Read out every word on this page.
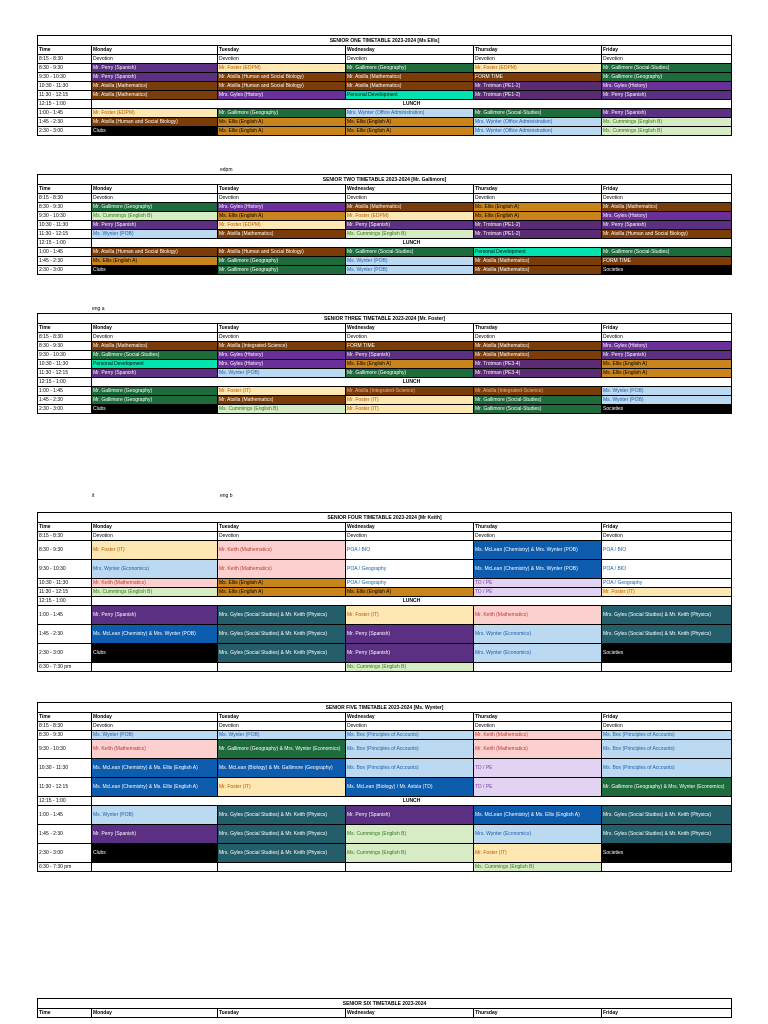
edpm
eng a
it	eng b
SENIOR ONE TIMETABLE 2023-2024 [Ms Ellis]					
Time	Monday	Tuesday	Wednesday	Thursday	Friday
8:15 - 8:30	Devotion	Devotion	Devotion	Devotion	Devotion
8:30 - 9:30	Mr. Perry (Spanish)	Mr. Foster (EDPM)	Mr. Gallimore (Geography)	Mr. Foster (EDPM)	Mr. Gallimore (Social-Studies)
9:30 - 10:30	Mr. Perry (Spanish)	Mr. Atsilla (Human and Social Biology)	Mr. Atsilla (Mathematics)	FORM TIME	Mr. Gallimore (Geography)
10:30 - 11:30	Mr. Atsilla (Mathematics)	Mr. Atsilla (Human and Social Biology)	Mr. Atsilla (Mathematics)	Mr. Trotman (PE1-2)	Mrs. Gyles (History)
11:30 - 12:15	Mr. Atsilla (Mathematics)	Mrs. Gyles (History)	Personal Development	Mr. Trotman (PE1-2)	Mr. Perry (Spanish)
12:15 - 1:00	LUNCH				
1:00 - 1:45	Mr. Foster (EDPM)	Mr. Gallimore (Geography)	Mrs. Wynter (Office Administration)	Mr. Gallimore (Social-Studies)	Mr. Perry (Spanish)
1:45 - 2:30	Mr. Atsilla (Human and Social Biology)	Ms. Ellis (English A)	Ms. Ellis (English A)	Mrs. Wynter (Office Administration)	Ms. Cummings (English B)
2:30 - 3:00	Clubs	Ms. Ellis (English A)	Ms. Ellis (English A)	Mrs. Wynter (Office Administration)	Ms. Cummings (English B)
SENIOR TWO TIMETABLE 2023-2024 [Mr. Gallimore]					
Time	Monday	Tuesday	Wednesday	Thursday	Friday
8:15 - 8:30	Devotion	Devotion	Devotion	Devotion	Devotion
8:30 - 9:30	Mr. Gallimore (Geography)	Mrs. Gyles (History)	Mr. Atsilla (Mathematics)	Ms. Ellis (English A)	Mr. Atsilla (Mathematics)
9:30 - 10:30	Ms. Cummings (English B)	Ms. Ellis (English A)	Mr. Foster (EDPM)	Ms. Ellis (English A)	Mrs. Gyles (History)
10:30 - 11:30	Mr. Perry (Spanish)	Mr. Foster (EDPM)	Mr. Perry (Spanish)	Mr. Trotman (PE1-2)	Mr. Perry (Spanish)
11:30 - 12:15	Ms. Wynter (POB)	Mr. Atsilla (Mathematics)	Ms. Cummings (English B)	Mr. Trotman (PE1-2)	Mr. Atsilla (Human and Social Biology)
12:15 - 1:00	LUNCH				
1:00 - 1:45	Mr. Atsilla (Human and Social Biology)	Mr. Atsilla (Human and Social Biology)	Mr. Gallimore (Social-Studies)	Personal Development	Mr. Gallimore (Social-Studies)
1:45 - 2:30	Ms. Ellis (English A)	Mr. Gallimore (Geography)	Ms. Wynter (POB)	Mr. Atsilla (Mathematics)	FORM TIME
2:30 - 3:00	Clubs	Mr. Gallimore (Geography)	Ms. Wynter (POB)	Mr. Atsilla (Mathematics)	Societies
SENIOR THREE TIMETABLE 2023-2024 [Mr. Foster]					
Time	Monday	Tuesday	Wednesday	Thursday	Friday
8:15 - 8:30	Devotion	Devotion	Devotion	Devotion	Devotion
8:30 - 9:30	Mr. Atsilla (Mathematics)	Mr. Atsilla (Integrated-Science)	FORM TIME	Mr. Atsilla (Mathematics)	Mrs. Gyles (History)
9:30 - 10:30	Mr. Gallimore (Social-Studies)	Mrs. Gyles (History)	Mr. Perry (Spanish)	Mr. Atsilla (Mathematics)	Mr. Perry (Spanish)
10:30 - 11:30	Personal Development	Mrs. Gyles (History)	Ms. Ellis (English A)	Mr. Trotman (PE3-4)	Ms. Ellis (English A)
11:30 - 12:15	Mr. Perry (Spanish)	Ms. Wynter (POB)	Mr. Gallimore (Geography)	Mr. Trotman (PE3-4)	Ms. Ellis (English A)
12:15 - 1:00	LUNCH				
1:00 - 1:45	Mr. Gallimore (Geography)	Mr. Foster (IT)	Mr. Atsilla (Integrated-Science)	Mr. Atsilla (Integrated-Science)	Ms. Wynter (POB)
1:45 - 2:30	Mr. Gallimore (Geography)	Mr. Atsilla (Mathematics)	Mr. Foster (IT)	Mr. Gallimore (Social-Studies)	Ms. Wynter (POB)
2:30 - 3:00	Clubs	Ms. Cummings (English B)	Mr. Foster (IT)	Mr. Gallimore (Social-Studies)	Societies
SENIOR FOUR TIMETABLE 2023-2024 [Mr Keith]					
Time	Monday	Tuesday	Wednesday	Thursday	Friday
8:15 - 8:30	Devotion	Devotion	Devotion	Devotion	Devotion
8:30 - 9:30	Mr. Foster (IT)	Mr. Keith (Mathematics)	POA / BIO	Ms. McLean (Chemistry) & Mrs. Wynter (POB)	POA / BIO
9:30 - 10:30	Mrs. Wynter (Economics)	Mr. Keith (Mathematics)	POA / Geography	Ms. McLean (Chemistry) & Mrs. Wynter (POB)	POA / BIO
10:30 - 11:30	Mr. Keith (Mathematics)	Ms. Ellis (English A)	POA / Geography	TD / PE	POA / Geography
11:30 - 12:15	Ms. Cummings (English B)	Ms. Ellis (English A)	Ms. Ellis (English A)	TD / PE	Mr. Foster (IT)
12:15 - 1:00	LUNCH				
1:00 - 1:45	Mr. Perry (Spanish)	Mrs. Gyles (Social Studies) & Mr. Keith (Physics)	Mr. Foster (IT)	Mr. Keith (Mathematics)	Mrs. Gyles (Social Studies) & Mr. Keith (Physics)
1:45 - 2:30	Ms. McLean (Chemistry) & Mrs. Wynter (POB)	Mrs. Gyles (Social Studies) & Mr. Keith (Physics)	Mr. Perry (Spanish)	Mrs. Wynter (Economics)	Mrs. Gyles (Social Studies) & Mr. Keith (Physics)
2:30 - 3:00	Clubs	Mrs. Gyles (Social Studies) & Mr. Keith (Physics)	Mr. Perry (Spanish)	Mrs. Wynter (Economics)	Societies
6:30 - 7:30 pm			Ms. Cummings (English B)		
SENIOR FIVE TIMETABLE 2023-2024 [Ms. Wynter]					
Time	Monday	Tuesday	Wednesday	Thursday	Friday
8:15 - 8:30	Devotion	Devotion	Devotion	Devotion	Devotion
8:30 - 9:30	Ms. Wynter (POB)	Ms. Wynter (POB)	Ms. Box (Principles of Accounts)	Mr. Keith (Mathematics)	Ms. Box (Principles of Accounts)
9:30 - 10:30	Mr. Keith (Mathematics)	Mr. Gallimore (Geography) & Mrs. Wynter (Economics)	Ms. Box (Principles of Accounts)	Mr. Keith (Mathematics)	Ms. Box (Principles of Accounts)
10:30 - 11:30	Ms. McLean (Chemistry) & Ms. Ellis (English A)	Ms. McLean (Biology) & Mr. Gallimore (Geography)	Ms. Box (Principles of Accounts)	TD / PE	Ms. Box (Principles of Accounts)
11:30 - 12:15	Ms. McLean (Chemistry) & Ms. Ellis (English A)	Mr. Foster (IT)	Ms. McLean (Biology) / Mr. Astsia (TD)	TD / PE	Mr. Gallimore (Geography) & Mrs. Wynter (Economics)
12:15 - 1:00	LUNCH				
1:00 - 1:45	Ms. Wynter (POB)	Mrs. Gyles (Social Studies) & Mr. Keith (Physics)	Mr. Perry (Spanish)	Ms. McLean (Chemistry) & Ms. Ellis (English A)	Mrs. Gyles (Social Studies) & Mr. Keith (Physics)
1:45 - 2:30	Mr. Perry (Spanish)	Mrs. Gyles (Social Studies) & Mr. Keith (Physics)	Ms. Cummings (English B)	Mrs. Wynter (Economics)	Mrs. Gyles (Social Studies) & Mr. Keith (Physics)
2:30 - 3:00	Clubs	Mrs. Gyles (Social Studies) & Mr. Keith (Physics)	Ms. Cummings (English B)	Mr. Foster (IT)	Societies
6:30 - 7:30 pm				Ms. Cummings (English B)	
SENIOR SIX TIMETABLE 2023-2024
Time	Monday	Tuesday	Wednesday	Thursday	Friday
